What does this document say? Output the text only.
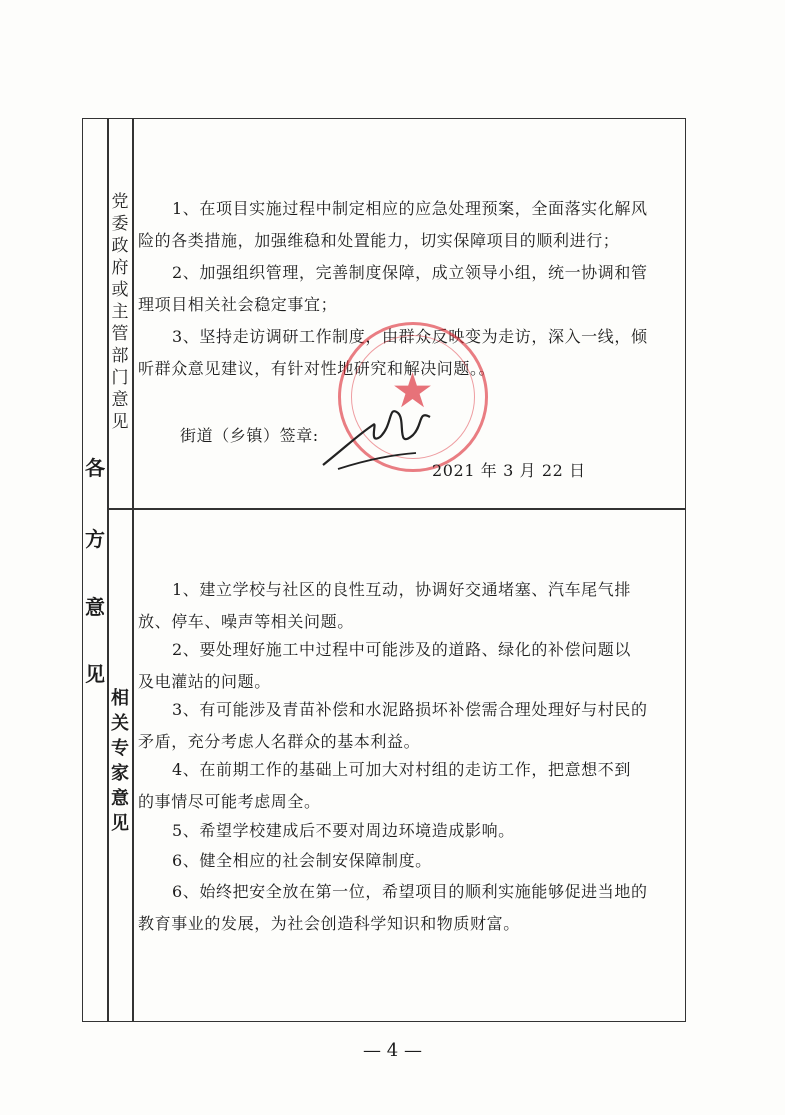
各
方
意
见
党
委
政
府
或
主
管
部
门
意
见
1、在项目实施过程中制定相应的应急处理预案，全面落实化解风
险的各类措施，加强维稳和处置能力，切实保障项目的顺利进行；
2、加强组织管理，完善制度保障，成立领导小组，统一协调和管
理项目相关社会稳定事宜；
3、坚持走访调研工作制度，由群众反映变为走访，深入一线，倾
听群众意见建议，有针对性地研究和解决问题。。
★
街道（乡镇）签章:
2021 年 3 月 22 日
相
关
专
家
意
见
1、建立学校与社区的良性互动，协调好交通堵塞、汽车尾气排
放、停车、噪声等相关问题。
2、要处理好施工中过程中可能涉及的道路、绿化的补偿问题以
及电灌站的问题。
3、有可能涉及青苗补偿和水泥路损坏补偿需合理处理好与村民的
矛盾，充分考虑人名群众的基本利益。
4、在前期工作的基础上可加大对村组的走访工作，把意想不到
的事情尽可能考虑周全。
5、希望学校建成后不要对周边环境造成影响。
6、健全相应的社会制安保障制度。
6、始终把安全放在第一位，希望项目的顺利实施能够促进当地的
教育事业的发展，为社会创造科学知识和物质财富。
— 4 —
